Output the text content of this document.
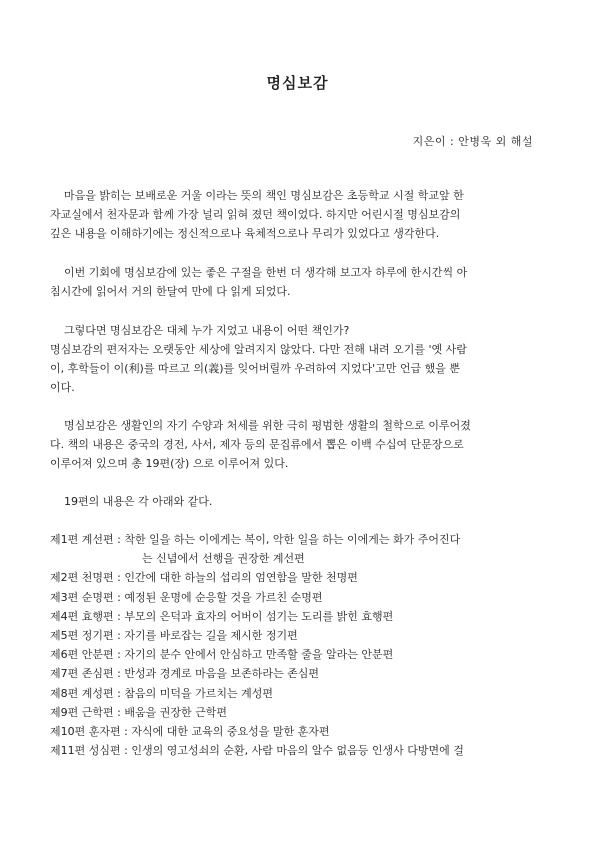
명심보감
지은이 : 안병욱 외 해설

마음을 밝히는 보배로운 거울 이라는 뜻의 책인 명심보감은 초등학교 시절 학교앞 한
자교실에서 천자문과 함께 가장 널리 읽혀 졌던 책이었다. 하지만 어린시절 명심보감의
깊은 내용을 이해하기에는 정신적으로나 육체적으로나 무리가 있었다고 생각한다.

이번 기회에 명심보감에 있는 좋은 구절을 한번 더 생각해 보고자 하루에 한시간씩 아
침시간에 읽어서 거의 한달여 만에 다 읽게 되었다.

그렇다면 명심보감은 대체 누가 지었고 내용이 어떤 책인가?
명심보감의 편저자는 오랫동안 세상에 알려지지 않았다. 다만 전해 내려 오기를 '옛 사람
이, 후학들이 이(利)를 따르고 의(義)를 잊어버릴까 우려하여 지었다'고만 언급 했을 뿐
이다.

명심보감은 생활인의 자기 수양과 처세를 위한 극히 평범한 생활의 철학으로 이루어졌
다. 책의 내용은 중국의 경전, 사서, 제자 등의 문집류에서 뽑은 이백 수십여 단문장으로
이루어져 있으며 총 19편(장) 으로 이루어져 있다.

19편의 내용은 각 아래와 같다.

제1편 계선편 : 착한 일을 하는 이에게는 복이, 악한 일을 하는 이에게는 화가 주어진다
는 신념에서 선행을 권장한 계선편
제2편 천명편 : 인간에 대한 하늘의 섭리의 엄연함을 말한 천명편
제3편 순명편 : 예정된 운명에 순응할 것을 가르친 순명편
제4편 효행편 : 부모의 은덕과 효자의 어버이 섬기는 도리를 밝힌 효행편
제5편 정기편 : 자기를 바로잡는 길을 제시한 정기편
제6편 안분편 : 자기의 분수 안에서 안심하고 만족할 줄을 알라는 안분편
제7편 존심편 : 반성과 경계로 마음을 보존하라는 존심편
제8편 계성편 : 참음의 미덕을 가르치는 계성편
제9편 근학편 : 배움을 권장한 근학편
제10편 훈자편 : 자식에 대한 교육의 중요성을 말한 훈자편
제11편 성심편 : 인생의 영고성쇠의 순환, 사람 마음의 알수 없음등 인생사 다방면에 걸
